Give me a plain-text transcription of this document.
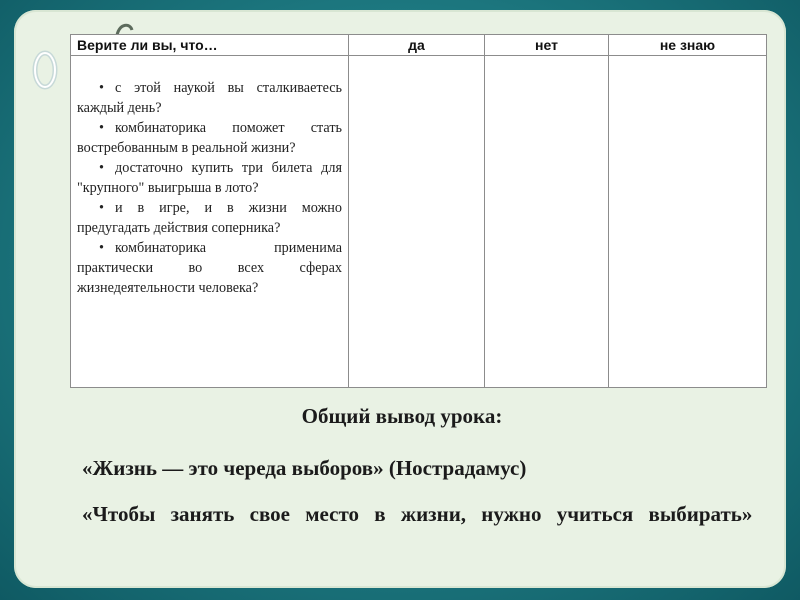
Верите ли вы, что…	да	нет	не знаю

• с этой наукой вы сталкиваетесь каждый день?
• комбинаторика поможет стать востребованным в реальной жизни?
• достаточно купить три билета для "крупного" выигрыша в лото?
• и в игре, и в жизни можно предугадать действия соперника?
• комбинаторика применима практически во всех сферах жизнедеятельности человека?			

Общий вывод урока:
«Жизнь — это череда выборов» (Нострадамус)
«Чтобы занять свое место в жизни, нужно учиться выбирать»
